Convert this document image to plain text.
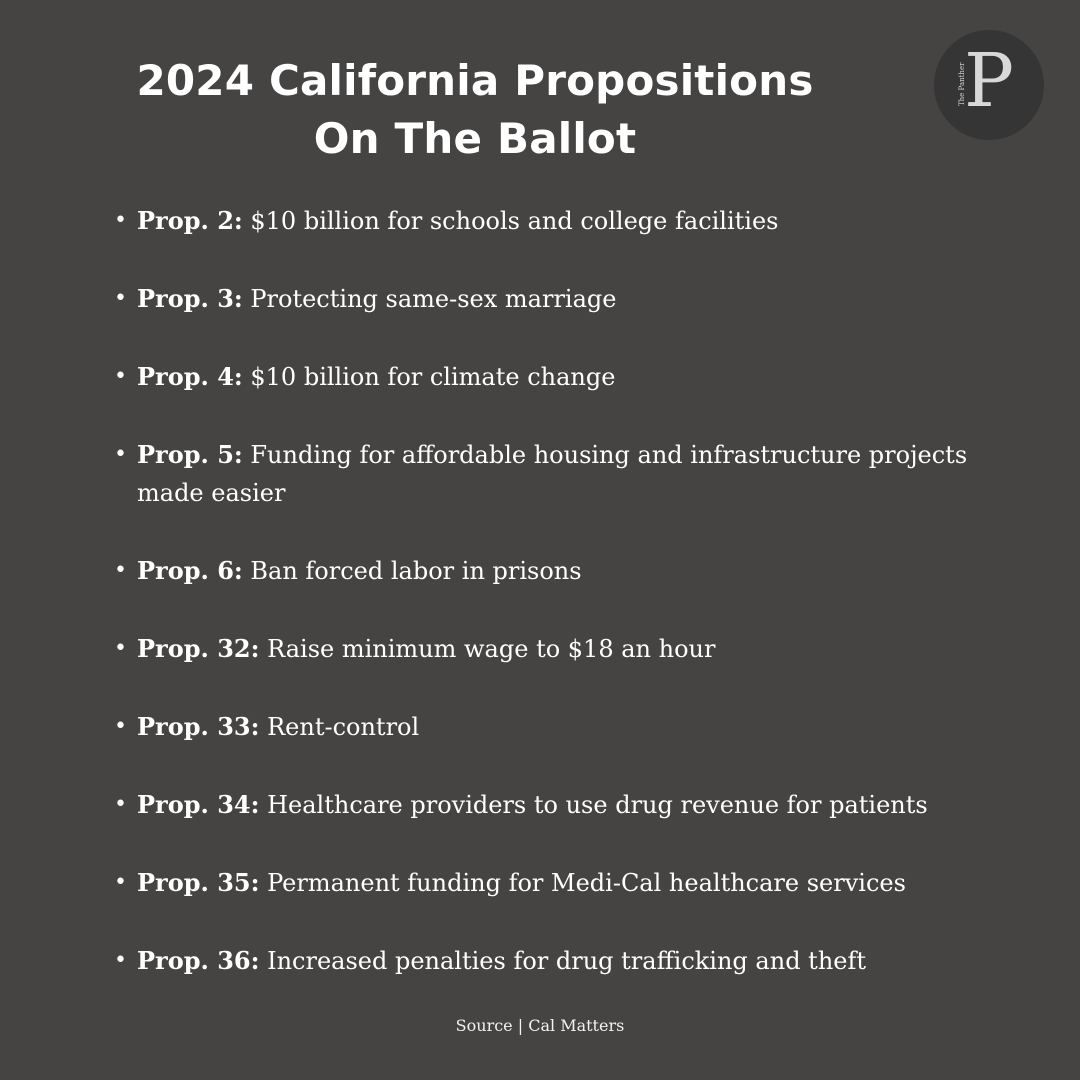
2024 California Propositions
On The Ballot
P
The Panther
• Prop. 2: $10 billion for schools and college facilities
• Prop. 3: Protecting same-sex marriage
• Prop. 4: $10 billion for climate change
• Prop. 5: Funding for affordable housing and infrastructure projects made easier
• Prop. 6: Ban forced labor in prisons
• Prop. 32: Raise minimum wage to $18 an hour
• Prop. 33: Rent-control
• Prop. 34: Healthcare providers to use drug revenue for patients
• Prop. 35: Permanent funding for Medi-Cal healthcare services
• Prop. 36: Increased penalties for drug trafficking and theft
Source | Cal Matters
